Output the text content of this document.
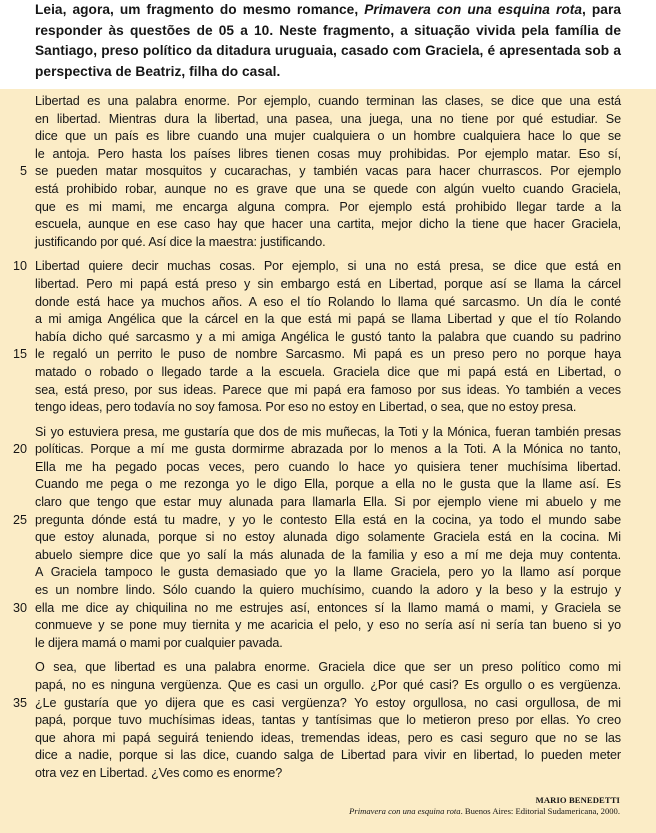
Leia, agora, um fragmento do mesmo romance, Primavera con una esquina rota, para responder às questões de 05 a 10. Neste fragmento, a situação vivida pela família de Santiago, preso político da ditadura uruguaia, casado com Graciela, é apresentada sob a perspectiva de Beatriz, filha do casal.

Libertad es una palabra enorme. Por ejemplo, cuando terminan las clases, se dice que una está
en libertad. Mientras dura la libertad, una pasea, una juega, una no tiene por qué estudiar. Se
dice que un país es libre cuando una mujer cualquiera o un hombre cualquiera hace lo que se
le antoja. Pero hasta los países libres tienen cosas muy prohibidas. Por ejemplo matar. Eso sí,
5 se pueden matar mosquitos y cucarachas, y también vacas para hacer churrascos. Por ejemplo
está prohibido robar, aunque no es grave que una se quede con algún vuelto cuando Graciela,
que es mi mami, me encarga alguna compra. Por ejemplo está prohibido llegar tarde a la
escuela, aunque en ese caso hay que hacer una cartita, mejor dicho la tiene que hacer Graciela,
justificando por qué. Así dice la maestra: justificando.
10 Libertad quiere decir muchas cosas. Por ejemplo, si una no está presa, se dice que está en
libertad. Pero mi papá está preso y sin embargo está en Libertad, porque así se llama la cárcel
donde está hace ya muchos años. A eso el tío Rolando lo llama qué sarcasmo. Un día le conté
a mi amiga Angélica que la cárcel en la que está mi papá se llama Libertad y que el tío Rolando
había dicho qué sarcasmo y a mi amiga Angélica le gustó tanto la palabra que cuando su padrino
15 le regaló un perrito le puso de nombre Sarcasmo. Mi papá es un preso pero no porque haya
matado o robado o llegado tarde a la escuela. Graciela dice que mi papá está en Libertad, o
sea, está preso, por sus ideas. Parece que mi papá era famoso por sus ideas. Yo también a veces
tengo ideas, pero todavía no soy famosa. Por eso no estoy en Libertad, o sea, que no estoy presa.
Si yo estuviera presa, me gustaría que dos de mis muñecas, la Toti y la Mónica, fueran también presas
20 políticas. Porque a mí me gusta dormirme abrazada por lo menos a la Toti. A la Mónica no tanto,
Ella me ha pegado pocas veces, pero cuando lo hace yo quisiera tener muchísima libertad.
Cuando me pega o me rezonga yo le digo Ella, porque a ella no le gusta que la llame así. Es
claro que tengo que estar muy alunada para llamarla Ella. Si por ejemplo viene mi abuelo y me
25 pregunta dónde está tu madre, y yo le contesto Ella está en la cocina, ya todo el mundo sabe
que estoy alunada, porque si no estoy alunada digo solamente Graciela está en la cocina. Mi
abuelo siempre dice que yo salí la más alunada de la familia y eso a mí me deja muy contenta.
A Graciela tampoco le gusta demasiado que yo la llame Graciela, pero yo la llamo así porque
es un nombre lindo. Sólo cuando la quiero muchísimo, cuando la adoro y la beso y la estrujo y
30 ella me dice ay chiquilina no me estrujes así, entonces sí la llamo mamá o mami, y Graciela se
conmueve y se pone muy tiernita y me acaricia el pelo, y eso no sería así ni sería tan bueno si yo
le dijera mamá o mami por cualquier pavada.
O sea, que libertad es una palabra enorme. Graciela dice que ser un preso político como mi
papá, no es ninguna vergüenza. Que es casi un orgullo. ¿Por qué casi? Es orgullo o es vergüenza.
35 ¿Le gustaría que yo dijera que es casi vergüenza? Yo estoy orgullosa, no casi orgullosa, de mi
papá, porque tuvo muchísimas ideas, tantas y tantísimas que lo metieron preso por ellas. Yo creo
que ahora mi papá seguirá teniendo ideas, tremendas ideas, pero es casi seguro que no se las
dice a nadie, porque si las dice, cuando salga de Libertad para vivir en libertad, lo pueden meter
otra vez en Libertad. ¿Ves como es enorme?
MARIO BENEDETTI
Primavera con una esquina rota. Buenos Aires: Editorial Sudamericana, 2000.
